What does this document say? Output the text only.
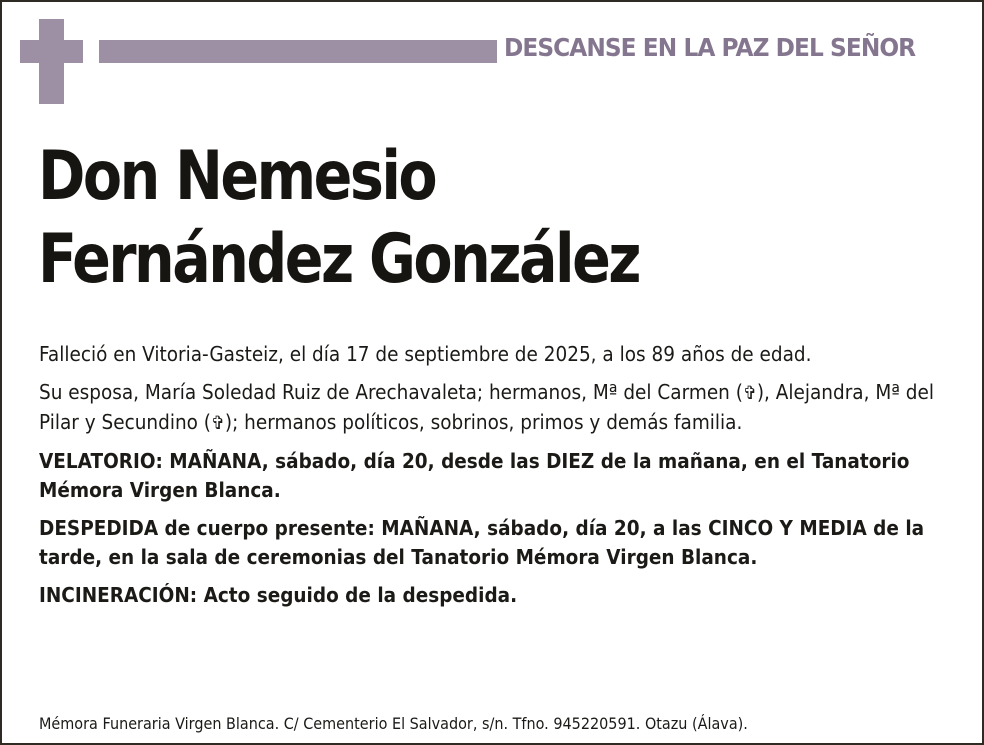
DESCANSE EN LA PAZ DEL SEÑOR
Don Nemesio
Fernández González

Falleció en Vitoria-Gasteiz, el día 17 de septiembre de 2025, a los 89 años de edad.

Su esposa, María Soledad Ruiz de Arechavaleta; hermanos, Mª del Carmen (✞), Alejandra, Mª del Pilar y Secundino (✞); hermanos políticos, sobrinos, primos y demás familia.

VELATORIO: MAÑANA, sábado, día 20, desde las DIEZ de la mañana, en el Tanatorio Mémora Virgen Blanca.

DESPEDIDA de cuerpo presente: MAÑANA, sábado, día 20, a las CINCO Y MEDIA de la tarde, en la sala de ceremonias del Tanatorio Mémora Virgen Blanca.

INCINERACIÓN: Acto seguido de la despedida.

Mémora Funeraria Virgen Blanca. C/ Cementerio El Salvador, s/n. Tfno. 945220591. Otazu (Álava).
